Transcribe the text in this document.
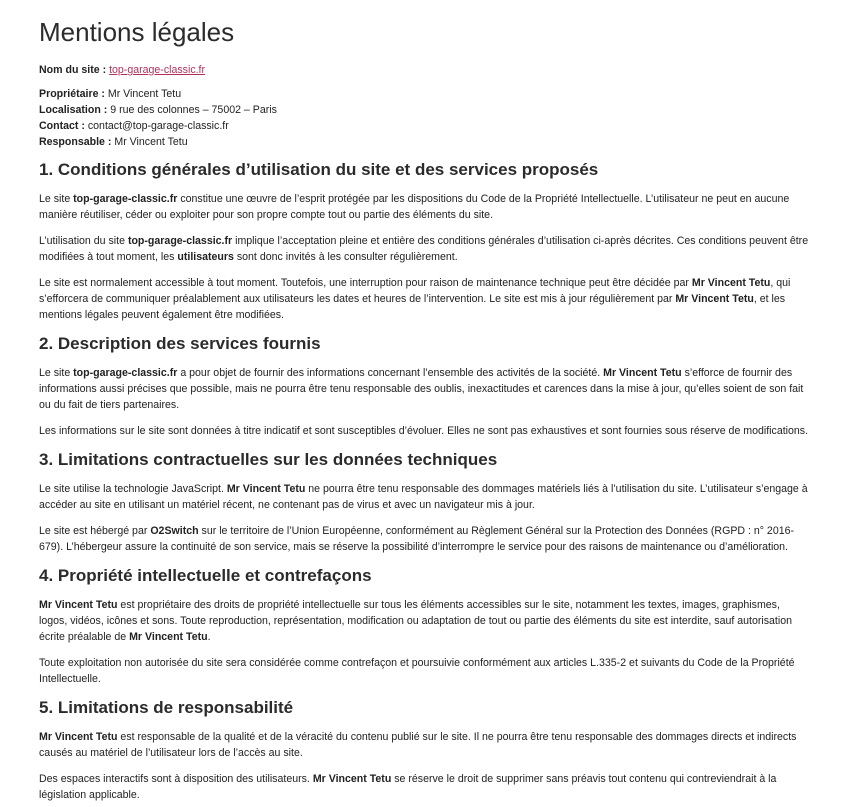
Mentions légales

Nom du site : top-garage-classic.fr

Propriétaire : Mr Vincent Tetu

Localisation : 9 rue des colonnes – 75002 – Paris

Contact : contact@top-garage-classic.fr

Responsable : Mr Vincent Tetu

1. Conditions générales d’utilisation du site et des services proposés

Le site top-garage-classic.fr constitue une œuvre de l’esprit protégée par les dispositions du Code de la Propriété Intellectuelle. L’utilisateur ne peut en aucune manière réutiliser, céder ou exploiter pour son propre compte tout ou partie des éléments du site.

L’utilisation du site top-garage-classic.fr implique l’acceptation pleine et entière des conditions générales d’utilisation ci-après décrites. Ces conditions peuvent être modifiées à tout moment, les utilisateurs sont donc invités à les consulter régulièrement.

Le site est normalement accessible à tout moment. Toutefois, une interruption pour raison de maintenance technique peut être décidée par Mr Vincent Tetu, qui s’efforcera de communiquer préalablement aux utilisateurs les dates et heures de l’intervention. Le site est mis à jour régulièrement par Mr Vincent Tetu, et les mentions légales peuvent également être modifiées.

2. Description des services fournis

Le site top-garage-classic.fr a pour objet de fournir des informations concernant l’ensemble des activités de la société. Mr Vincent Tetu s’efforce de fournir des informations aussi précises que possible, mais ne pourra être tenu responsable des oublis, inexactitudes et carences dans la mise à jour, qu’elles soient de son fait ou du fait de tiers partenaires.

Les informations sur le site sont données à titre indicatif et sont susceptibles d’évoluer. Elles ne sont pas exhaustives et sont fournies sous réserve de modifications.

3. Limitations contractuelles sur les données techniques

Le site utilise la technologie JavaScript. Mr Vincent Tetu ne pourra être tenu responsable des dommages matériels liés à l’utilisation du site. L’utilisateur s’engage à accéder au site en utilisant un matériel récent, ne contenant pas de virus et avec un navigateur mis à jour.

Le site est hébergé par O2Switch sur le territoire de l’Union Européenne, conformément au Règlement Général sur la Protection des Données (RGPD : n° 2016-679). L’hébergeur assure la continuité de son service, mais se réserve la possibilité d’interrompre le service pour des raisons de maintenance ou d’amélioration.

4. Propriété intellectuelle et contrefaçons

Mr Vincent Tetu est propriétaire des droits de propriété intellectuelle sur tous les éléments accessibles sur le site, notamment les textes, images, graphismes, logos, vidéos, icônes et sons. Toute reproduction, représentation, modification ou adaptation de tout ou partie des éléments du site est interdite, sauf autorisation écrite préalable de Mr Vincent Tetu.

Toute exploitation non autorisée du site sera considérée comme contrefaçon et poursuivie conformément aux articles L.335-2 et suivants du Code de la Propriété Intellectuelle.

5. Limitations de responsabilité

Mr Vincent Tetu est responsable de la qualité et de la véracité du contenu publié sur le site. Il ne pourra être tenu responsable des dommages directs et indirects causés au matériel de l’utilisateur lors de l’accès au site.

Des espaces interactifs sont à disposition des utilisateurs. Mr Vincent Tetu se réserve le droit de supprimer sans préavis tout contenu qui contreviendrait à la législation applicable.
